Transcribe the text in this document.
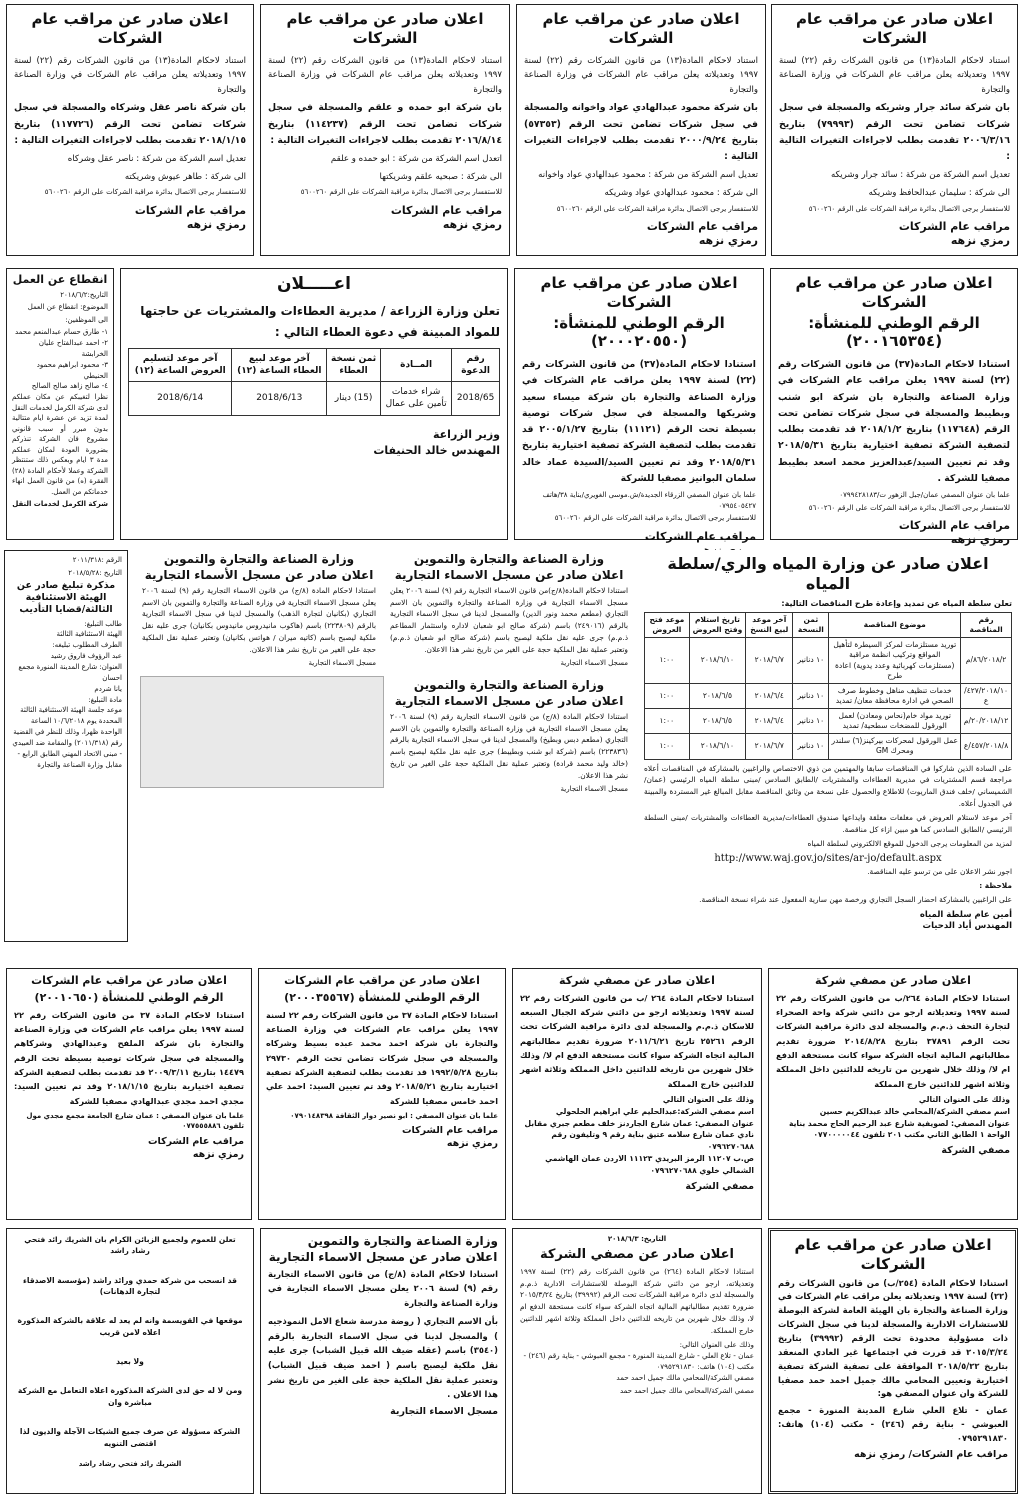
اعلان صادر عن مراقب عام الشركات
استناد لاحكام المادة(١٣) من قانون الشركات رقم (٢٢) لسنة ١٩٩٧ وتعديلاته يعلن مراقب عام الشركات في وزارة الصناعة والتجارة
بان شركة سائد جرار وشريكه والمسجلة في سجل شركات تضامن تحت الرقم (٧٩٩٩٣) بتاريخ ٢٠٠٦/٣/١٦ تقدمت بطلب لاجراءات التغيرات التالية :
تعديل اسم الشركة من شركة : سائد جرار وشريكه
الى شركة : سليمان عبدالحافظ وشريكه
للاستفسار يرجى الاتصال بدائرة مراقبة الشركات على الرقم ٥٦٠٠٢٦٠
مراقب عام الشركات
رمزي نزهه
اعلان صادر عن مراقب عام الشركات
استناد لاحكام المادة(١٣) من قانون الشركات رقم (٢٢) لسنة ١٩٩٧ وتعديلاته يعلن مراقب عام الشركات في وزارة الصناعة والتجارة
بان شركة محمود عبدالهادي عواد واخوانه والمسجلة في سجل شركات تضامن تحت الرقم (٥٧٣٥٣) بتاريخ ٢٠٠٠/٩/٢٤ تقدمت بطلب لاجراءات التغيرات التالية :
تعديل اسم الشركة من شركة : محمود عبدالهادي عواد واخوانه
الى شركة : محمود عبدالهادي عواد وشريكه
للاستفسار يرجى الاتصال بدائرة مراقبة الشركات على الرقم ٥٦٠٠٢٦٠
مراقب عام الشركات
رمزي نزهه
اعلان صادر عن مراقب عام الشركات
استناد لاحكام المادة(١٣) من قانون الشركات رقم (٢٢) لسنة ١٩٩٧ وتعديلاته يعلن مراقب عام الشركات في وزارة الصناعة والتجارة
بان شركة ابو حمده و علقم والمسجلة في سجل شركات تضامن تحت الرقم (١١٤٢٣٧) بتاريخ ٢٠١٦/٨/١٤ تقدمت بطلب لاجراءات التغيرات التالية :
اتعدل اسم الشركة من شركة : ابو حمده و علقم
الى شركة : صبحيه علقم وشريكتها
للاستفسار يرجى الاتصال بدائرة مراقبة الشركات على الرقم ٥٦٠٠٢٦٠
مراقب عام الشركات
رمزي نزهه
اعلان صادر عن مراقب عام الشركات
استناد لاحكام المادة(١٣) من قانون الشركات رقم (٢٢) لسنة ١٩٩٧ وتعديلاته يعلن مراقب عام الشركات في وزارة الصناعة والتجارة
بان شركة ناصر عقل وشركاه والمسجلة في سجل شركات تضامن تحت الرقم (١١٧٧٢٦) بتاريخ ٢٠١٨/١/١٥ تقدمت بطلب لاجراءات التغيرات التالية :
تعديل اسم الشركة من شركة : ناصر عقل وشركاه
الى شركة : طاهر عيوش وشريكته
للاستفسار يرجى الاتصال بدائرة مراقبة الشركات على الرقم ٥٦٠٠٢٦٠
مراقب عام الشركات
رمزي نزهه
اعلان صادر عن مراقب عام الشركات
الرقم الوطني للمنشأة:(٢٠٠١٦٥٣٥٤)
استنادا لاحكام المادة(٣٧) من قانون الشركات رقم (٢٢) لسنة ١٩٩٧ يعلن مراقب عام الشركات في وزارة الصناعة والتجارة بان شركة ابو شنب وبطيبط والمسجلة في سجل شركات تضامن تحت الرقم (١١٧٦٤٨) بتاريخ ٢٠١٨/١/٢ قد تقدمت بطلب لتصفية الشركة تصفية اختيارية بتاريخ ٢٠١٨/٥/٣١ وقد تم تعيين السيد/عبدالعزيز محمد اسعد بطيبط مصفيا للشركة .
علما بان عنوان المصفي عمان/جبل الزهور ت/٠٧٩٩٤٢٨١٨٣
للاستفسار يرجى الاتصال بدائرة مراقبة الشركات على الرقم ٥٦٠٠٢٦٠
مراقب عام الشركات
رمزي نزهه
اعلان صادر عن مراقب عام الشركات
الرقم الوطني للمنشأة:(٢٠٠٠٢٠٥٥٠)
استنادا لاحكام المادة(٣٧) من قانون الشركات رقم (٢٢) لسنة ١٩٩٧ يعلن مراقب عام الشركات في وزارة الصناعة والتجارة بان شركة ميساء سعيد وشريكها والمسجلة في سجل شركات توصية بسيطة تحت الرقم (١١١٢١) بتاريخ ٢٠٠٥/١/٢٧ قد تقدمت بطلب لتصفية الشركة تصفية اختيارية بتاريخ ٢٠١٨/٥/٣١ وقد تم تعيين السيد/السيدة عماد خالد سلمان البوانيز مصفيا للشركة
علما بان عنوان المصفي الزرقاء الجديدة/ش.موسى الغويري/بناية ٣٨/هاتف ٠٧٩٥٤٠٥٤٢٧
للاستفسار يرجى الاتصال بدائرة مراقبة الشركات على الرقم ٥٦٠٠٢٦٠
مراقب عام الشركات
اعـــــلان
تعلن وزارة الزراعة / مديرية العطاءات والمشتريات عن حاجتها للمواد المبينة في دعوة العطاء التالي :
رقم الدعوة	المــادة	ثمن نسخة العطاء	آخر موعد لبيع العطاء الساعة (١٢)	آخر موعد لتسليم العروض الساعة (١٢)
2018/65	شراء خدمات تأمين على عمال	(15) دينار	2018/6/13	2018/6/14
وزير الزراعة
المهندس خالد الحنيفات
انقطاع عن العمل
التاريخ:٢٠١٨/٦/٢
الموضوع: انقطاع عن العمل
الى الموظفين:
١- طارق حسام عبدالمنعم محمد
٢- احمد عبدالفتاح عليان الخرابشة
٣- محمود ابراهيم محمود الحنيطي
٤- صالح زاهد صالح الصالح
نظرا لتغيبكم عن مكان عملكم لدى شركة الكرمل لخدمات النقل لمدة تزيد عن عشرة ايام متتالية بدون مبرر أو سبب قانوني مشروع فان الشركة تنذركم بضرورة العودة لمكان عملكم مدة ٣ ايام وبعكس ذلك ستنتظر الشركة وعملا لأحكام المادة (٢٨) الفقرة (ه) من قانون العمل انهاء خدماتكم من العمل.
شركة الكرمل لخدمات النقل
الرقم :٢٠١١/٣١٨
التاريخ :٢٠١٨/٥/٢٨
مذكرة تبليغ صادر عن الهيئة الاستئنافية الثالثة/قضايا التأديب
طالب التبليغ:
الهيئة الاستئنافية الثالثة
الطرف المطلوب تبليغه:
عبد الرؤوف فاروق رشيد
العنوان: شارع المدينة المنورة مجمع احسان
يانا شردم
مادة التبليغ:
موعد جلسة الهيئة الاستئنافية الثالثة المحددة يوم ١٠/٦/٢٠١٨ الساعة الواحدة ظهرا، وذلك للنظر في القضية رقم (٢٠١١/٣١٨) والمقامة ضد العبيدي - مبنى الاتحاد المهني الطابق الرابع - مقابل وزارة الصناعة والتجارة
وزارة الصناعة والتجارة والتموين
اعلان صادر عن مسجل الأسماء التجارية
استنادا لاحكام المادة (٨/ج) من قانون الاسماء التجارية رقم (٩) لسنة ٢٠٠٦ يعلن مسجل الاسماء التجارية في وزارة الصناعة والتجارة والتموين بان الاسم التجاري (بكانيان لتجارة الذهب) والمسجل لدينا في سجل الاسماء التجارية بالرقم (٢٢٣٨٠٩) باسم (هاكوب مانيدروس مانيدوس بكانيان) جرى عليه نقل ملكية ليصبح باسم (كاتيه ميران / هواتس بكانيان) وتعتبر عملية نقل الملكية حجة على الغير من تاريخ نشر هذا الاعلان.
مسجل الاسماء التجارية
وزارة الصناعة والتجارة والتموين
اعلان صادر عن مسجل الاسماء التجارية
استنادا لاحكام المادة(٨/ج)من قانون الاسماء التجارية رقم (٩) لسنة ٢٠٠٦ يعلن مسجل الاسماء التجارية في وزارة الصناعة والتجارة والتموين بان الاسم التجاري (مطعم محمد ونور الدين) والمسجل لدينا في سجل الاسماء التجارية بالرقم (٢٤٩٠١٦) باسم (شركة صالح ابو شعبان لاداره واستثمار المطاعم ذ.م.م) جرى عليه نقل ملكية ليصبح باسم (شركة صالح ابو شعبان ذ.م.م) وتعتبر عملية نقل الملكية حجة على الغير من تاريخ نشر هذا الاعلان.
مسجل الاسماء التجارية
وزارة الصناعة والتجارة والتموين
اعلان صادر عن مسجل الاسماء التجارية
استنادا لاحكام المادة (٨/ج) من قانون الاسماء التجارية رقم (٩) لسنة ٢٠٠٦ يعلن مسجل الاسماء التجارية في وزارة الصناعة والتجارة والتموين بان الاسم التجاري (مطعم دبس وبطيخ) والمسجل لدينا في سجل الاسماء التجارية بالرقم (٢٢٣٨٣٦) باسم (شركة ابو شنب وبطيبط) جرى عليه نقل ملكية ليصبح باسم (خالد وليد محمد قرادة) وتعتبر عملية نقل الملكية حجة على الغير من تاريخ نشر هذا الاعلان.
مسجل الاسماء التجارية
اعلان صادر عن وزارة المياه والري/سلطة المياه
تعلن سلطة المياه عن تمديد وإعادة طرح المناقصات التالية:
رقم المناقصة	موضوع المناقصة	ثمن النسخة	آخر موعد لبيع النسخ	تاريخ استلام وفتح العروض	موعد فتح العروض
٨٦/٢٠١٨/٢/م	توريد مستلزمات لمركز السيطرة لتأهيل المواقع وتركيب انظمة مراقبة (مستلزمات كهربائية وعدد يدوية) اعادة طرح	١٠ دنانير	٢٠١٨/٦/٧	٢٠١٨/٦/١٠	١:٠٠
٤٢٧/٢٠١٨/١٠/ع	خدمات تنظيف مناهل وخطوط صرف الصحي في ادارة محافظة معان/ تمديد	١٠ دنانير	٢٠١٨/٦/٤	٢٠١٨/٦/٥	١:٠٠
٢٠/٢٠١٨/١٢/م	توريد مواد خام(نحاس ومعادن) لعمل الورقول للمضخات سطحية/ تمديد	١٠ دنانير	٢٠١٨/٦/٤	٢٠١٨/٦/٥	١:٠٠
٤٥٧/٢٠١٨/٨/ع	عمل الورقول لمحركات بيركينز(٦) سلندر ومحرك GM	١٠ دنانير	٢٠١٨/٦/٧	٢٠١٨/٦/١٠	١:٠٠
على السادة الذين شاركوا في المناقصات سابقا والمهتمين من ذوي الاختصاص والراغبين بالمشاركة في المناقصات أعلاه مراجعة قسم المشتريات في مديرية العطاءات والمشتريات /الطابق السادس /مبنى سلطة المياه الرئيسي (عمان/الشميساني /خلف فندق الماريوت) للاطلاع والحصول على نسخة من وثائق المناقصة مقابل المبالغ غير المستردة والمبينة في الجدول أعلاه.
آخر موعد لاستلام العروض في مغلفات مغلقة وايداعها صندوق العطاءات/مديرية العطاءات والمشتريات /مبنى السلطة الرئيسي /الطابق السادس كما هو مبين ازاء كل مناقصة.
لمزيد من المعلومات يرجى الدخول للموقع الالكتروني لسلطة المياه
http://www.waj.gov.jo/sites/ar-jo/default.aspx
اجور نشر الاعلان على من ترسو عليه المناقصة.
ملاحظة :
على الراغبين بالمشاركة احضار السجل التجاري ورخصة مهن سارية المفعول عند شراء نسخة المناقصة.
أمين عام سلطة المياه
المهندس أياد الدحيات
اعلان صادر عن مصفي شركة
استنادا لاحكام المادة ٢٦٤/ب من قانون الشركات رقم ٢٢ لسنة ١٩٩٧ وتعديلاته ارجو من دائني شركة واحة الصحراء لتجارة التحف ذ.م.م والمسجلة لدى دائرة مراقبة الشركات تحت الرقم ٣٧٨٩١ بتاريخ ٢٠١٤/٨/٢٨ ضرورة تقديم مطالباتهم المالية اتجاه الشركة سواء كانت مستحقة الدفع ام لا/ وذلك خلال شهرين من تاريخه للدائنين داخل المملكة وثلاثة اشهر للدائنين خارج المملكة
وذلك على العنوان التالي
اسم مصفي الشركة/المحامي خالد عبدالكريم حسين
عنوان المصفي: لصويفية شارع عبد الرحيم الحاج محمد بناية الواحة ١ الطابق الثاني مكتب ٢٠١ تلفون ٠٧٧٠٠٠٠٠٤٤
مصفي الشركة
اعلان صادر عن مصفي شركة
استنادا لاحكام المادة ٢٦٤ /ب من قانون الشركات رقم ٢٢ لسنة ١٩٩٧ وتعديلاته ارجو من دائني شركة الجبال السبعه للاسكان ذ.م.م والمسجلة لدى دائرة مراقبة الشركات تحت الرقم ٢٥٢٦١ تاريخ ٢٠١١/٦/٢١ ضرورة تقديم مطالباتهم المالية اتجاه الشركة سواء كانت مستحقة الدفع ام لا/ وذلك خلال شهرين من تاريخه للدائنين داخل المملكة وثلاثة اشهر للدائنين خارج المملكة
وذلك على العنوان التالي
اسم مصفي الشركة:عبدالحليم علي ابراهيم الحلحولي
عنوان المصفي: عمان شارع الجاردنز خلف مطعم جبري مقابل نادي عمان شارع سلامه عتيق بناية رقم ٩ وتليفون رقم ٠٧٩٦٢٧٠٦٨٨
ص.ب ١١٢٠٧ الرمز البريدي ١١١٢٣ الاردن عمان الهاشمي الشمالي خلوي ٠٧٩٦٢٧٠٦٨٨
مصفي الشركة
اعلان صادر عن مراقب عام الشركات
الرقم الوطني للمنشأة (٢٠٠٠٣٥٥٦٧)
استنادا لاحكام المادة ٣٧ من قانون الشركات رقم ٢٢ لسنة ١٩٩٧ يعلن مراقب عام الشركات في وزارة الصناعة والتجارة بان شركة احمد محمد عبده بسيط وشركاه والمسجلة في سجل شركات تضامن تحت الرقم ٢٩٧٣٠ بتاريخ ١٩٩٢/٥/٢٨ قد تقدمت بطلب لتصفية الشركة تصفية اختيارية بتاريخ ٢٠١٨/٥/٢١ وقد تم تعيين السيد: احمد علي احمد خامس مصفيا للشركة
علما بان عنوان المصفي : ابو نصير دوار الثقافة ٠٧٩٠١٤٨٣٩٨
مراقب عام الشركات
رمزي نزهه
اعلان صادر عن مراقب عام الشركات
الرقم الوطني للمنشأة (٢٠٠١٠٦٥٠)
استنادا لاحكام المادة ٣٧ من قانون الشركات رقم ٢٢ لسنة ١٩٩٧ يعلن مراقب عام الشركات في وزارة الصناعة والتجارة بان شركة الملفح وعبدالهادي وشركاهم والمسجلة في سجل شركات توصية بسيطة تحت الرقم ١٤٤٧٩ بتاريخ ٢٠٠٩/٣/١١ قد تقدمت بطلب لتصفية الشركة تصفية اختيارية بتاريخ ٢٠١٨/١/١٥ وقد تم تعيين السيد: مجدي احمد مجدي عبدالهادي مصفيا للشركة
علما بان عنوان المصفي : عمان شارع الجامعة مجمع مجدي مول تلفون ٠٧٧٥٥٥٨٨٦
مراقب عام الشركات
رمزي نزهه
اعلان صادر عن مراقب عام الشركات
استنادا لاحكام المادة (٢٥٤/ب) من قانون الشركات رقم (٢٢) لسنة ١٩٩٧ وتعديلاته يعلن مراقب عام الشركات في وزارة الصناعة والتجارة بان الهيئة العامة لشركة البوصلة للاستشارات الادارية والمسجلة لدينا في سجل الشركات ذات مسؤولية محدودة تحت الرقم (٣٩٩٩٢) بتاريخ ٢٠١٥/٣/٢٤ قد قررت في اجتماعها غير العادي المنعقد بتاريخ ٢٠١٨/٥/٢٢ الموافقة على تصفية الشركة تصفية اختيارية وتعيين المحامي مالك جميل احمد حمد مصفيا للشركة وان عنوان المصفي هو:
عمان - تلاع العلي شارع المدينة المنورة - مجمع العبوشي - بناية رقم (٢٤٦) - مكتب (١٠٤) هاتف: ٠٧٩٥٢٩١٨٣٠
مراقب عام الشركات/ رمزي نزهه
التاريخ: ٢٠١٨/٦/٣
اعلان صادر عن مصفي الشركة
استنادا لاحكام المادة (٢٦٤) من قانون الشركات رقم (٢٢) لسنة ١٩٩٧ وتعديلاته، ارجو من دائني شركة البوصلة للاستشارات الادارية ذ.م.م والمسجلة لدى دائرة مراقبة الشركات تحت الرقم (٣٩٩٩٢) بتاريخ ٢٠١٥/٣/٢٤ ضرورة تقديم مطالباتهم المالية اتجاه الشركة سواء كانت مستحقة الدفع ام لا، وذلك خلال شهرين من تاريخه للدائنين داخل المملكة وثلاثة اشهر للدائنين خارج المملكة.
وذلك على العنوان التالي:
عمان - تلاع العلي - شارع المدينة المنورة - مجمع العبوشي - بناية رقم (٢٤٦) - مكتب (١٠٤) هاتف: ٠٧٩٥٢٩١٨٣٠
مصفي الشركة/المحامي مالك جميل احمد حمد
مصفي الشركة/المحامي مالك جميل احمد حمد
وزارة الصناعة والتجارة والتموين
اعلان صادر عن مسجل الاسماء التجارية
استنادا لاحكام المادة (٨/ج) من قانون الاسماء التجارية رقم (٩) لسنة ٢٠٠٦ يعلن مسجل الاسماء التجارية في وزارة الصناعة والتجارة
بأن الاسم التجاري ( روضة مدرسة شعاع الامل النموذجيه ) والمسجل لدينا في سجل الاسماء التجارية بالرقم (٣٥٤٠) باسم (عقله ضيف الله قبيل الشباب) جرى عليه نقل ملكية ليصبح باسم ( احمد ضيف قبيل الشباب) وتعتبر عملية نقل الملكية حجة على الغير من تاريخ نشر هذا الاعلان .
مسجل الاسماء التجارية
تعلن للعموم ولجميع الزبائن الكرام بان الشريك رائد فتحي رشاد راشد
قد انسحب من شركة حمدي ورائد راشد (مؤسسة الاصدقاء لتجارة الدهانات)
موقعها في القويسمة وانه لم يعد له علاقة بالشركة المذكورة اعلاه لامن قريب
ولا بعيد
ومن لا له حق لدى الشركة المذكورة اعلاه التعامل مع الشركة مباشرة وان
الشركة مسؤولة عن صرف جميع الشيكات الآجلة والديون لذا اقتضى التنويه
الشريك رائد فتحي رشاد راشد
